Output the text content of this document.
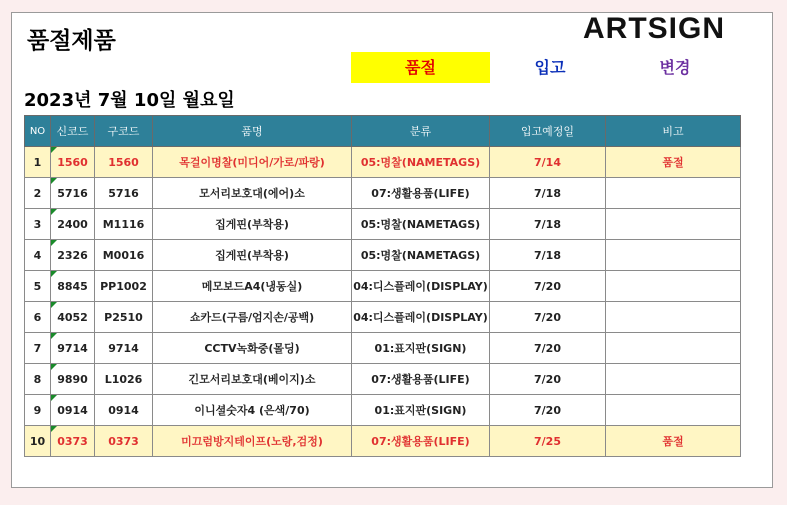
품절제품	ARTSIGN
품절	입고	변경
2023년 7월 10일 월요일
NO	신코드	구코드	품명	분류	입고예정일	비고
1	1560	1560	목걸이명찰(미디어/가로/파랑)	05:명찰(NAMETAGS)	7/14	품절
2	5716	5716	모서리보호대(에어)소	07:생활용품(LIFE)	7/18	
3	2400	M1116	집게핀(부착용)	05:명찰(NAMETAGS)	7/18	
4	2326	M0016	집게핀(부착용)	05:명찰(NAMETAGS)	7/18	
5	8845	PP1002	메모보드A4(냉동실)	04:디스플레이(DISPLAY)	7/20	
6	4052	P2510	쇼카드(구름/엄지손/공백)	04:디스플레이(DISPLAY)	7/20	
7	9714	9714	CCTV녹화중(몰딩)	01:표지판(SIGN)	7/20	
8	9890	L1026	긴모서리보호대(베이지)소	07:생활용품(LIFE)	7/20	
9	0914	0914	이니셜숫자4 (은색/70)	01:표지판(SIGN)	7/20	
10	0373	0373	미끄럼방지테이프(노랑,검정)	07:생활용품(LIFE)	7/25	품절
